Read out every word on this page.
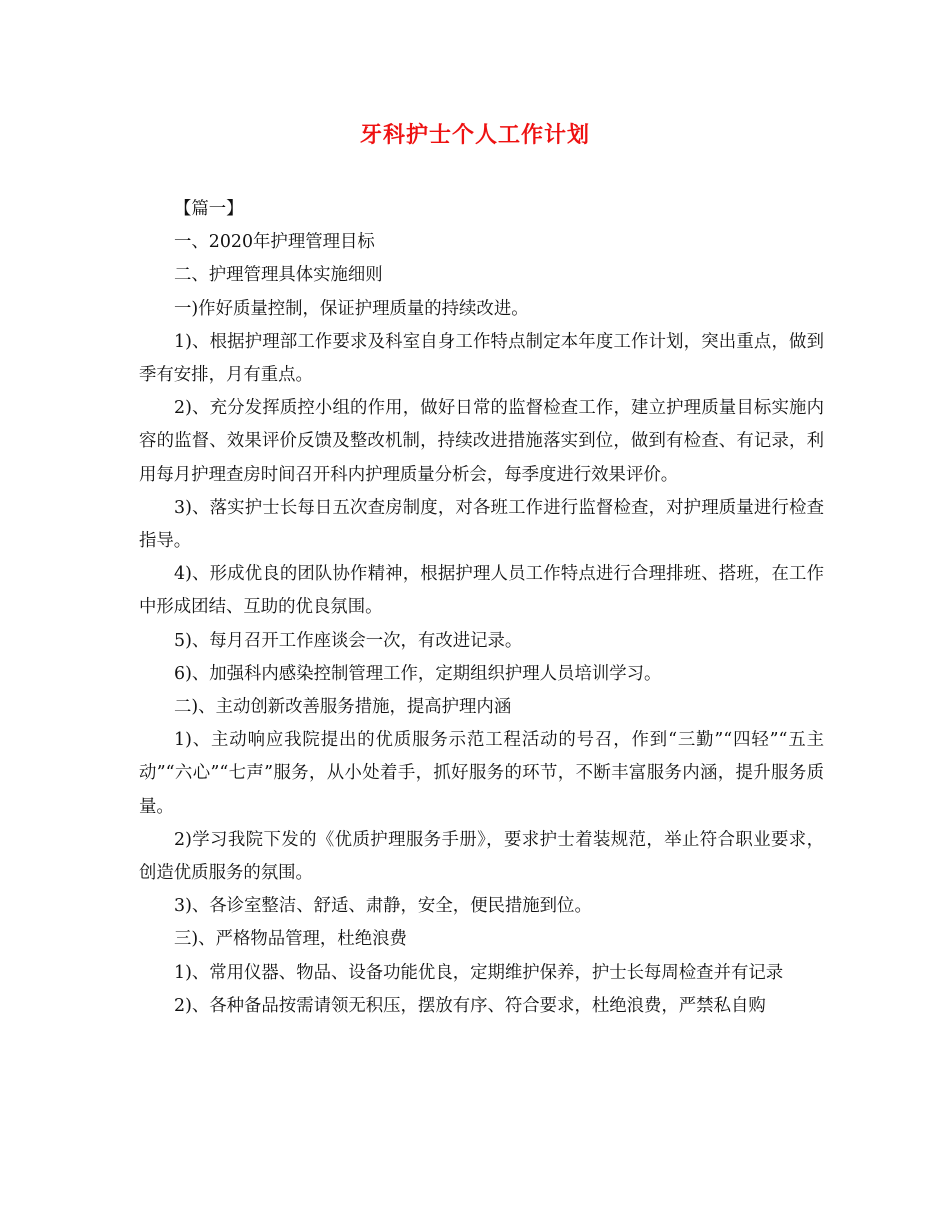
牙科护士个人工作计划

【篇一】

一、2020年护理管理目标

二、护理管理具体实施细则

一)作好质量控制，保证护理质量的持续改进。

1)、根据护理部工作要求及科室自身工作特点制定本年度工作计划，突出重点，做到季有安排，月有重点。

2)、充分发挥质控小组的作用，做好日常的监督检查工作，建立护理质量目标实施内容的监督、效果评价反馈及整改机制，持续改进措施落实到位，做到有检查、有记录，利用每月护理查房时间召开科内护理质量分析会，每季度进行效果评价。

3)、落实护士长每日五次查房制度，对各班工作进行监督检查，对护理质量进行检查指导。

4)、形成优良的团队协作精神，根据护理人员工作特点进行合理排班、搭班，在工作中形成团结、互助的优良氛围。

5)、每月召开工作座谈会一次，有改进记录。

6)、加强科内感染控制管理工作，定期组织护理人员培训学习。

二)、主动创新改善服务措施，提高护理内涵

1)、主动响应我院提出的优质服务示范工程活动的号召，作到“三勤”“四轻”“五主动”“六心”“七声”服务，从小处着手，抓好服务的环节，不断丰富服务内涵，提升服务质量。

2)学习我院下发的《优质护理服务手册》，要求护士着装规范，举止符合职业要求，创造优质服务的氛围。

3)、各诊室整洁、舒适、肃静，安全，便民措施到位。

三)、严格物品管理，杜绝浪费

1)、常用仪器、物品、设备功能优良，定期维护保养，护士长每周检查并有记录

2)、各种备品按需请领无积压，摆放有序、符合要求，杜绝浪费，严禁私自购
